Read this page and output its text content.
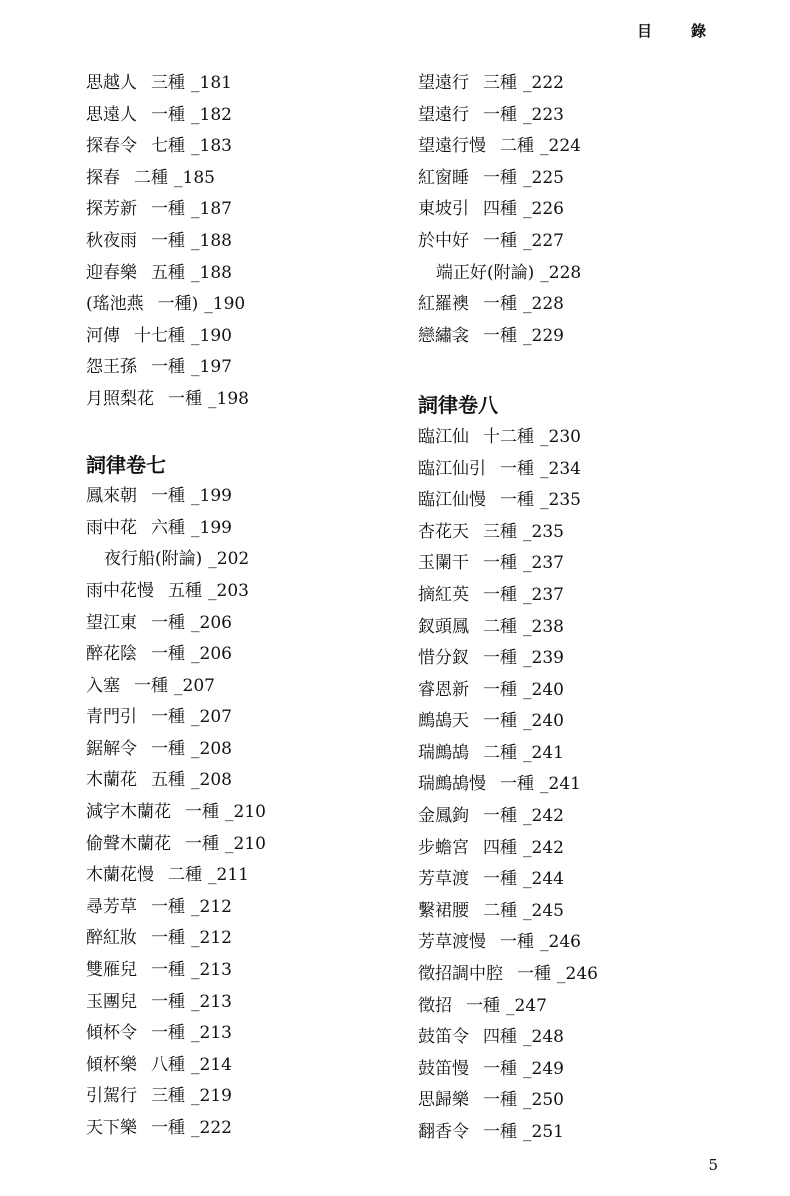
目　錄
思越人 三種 _181
思遠人 一種 _182
探春令 七種 _183
探春 二種 _185
探芳新 一種 _187
秋夜雨 一種 _188
迎春樂 五種 _188
(瑤池燕 一種) _190
河傳 十七種 _190
怨王孫 一種 _197
月照梨花 一種 _198
詞律卷七
鳳來朝 一種 _199
雨中花 六種 _199
夜行船(附論) _202
雨中花慢 五種 _203
望江東 一種 _206
醉花陰 一種 _206
入塞 一種 _207
青門引 一種 _207
鋸解令 一種 _208
木蘭花 五種 _208
減字木蘭花 一種 _210
偷聲木蘭花 一種 _210
木蘭花慢 二種 _211
尋芳草 一種 _212
醉紅妝 一種 _212
雙雁兒 一種 _213
玉團兒 一種 _213
傾杯令 一種 _213
傾杯樂 八種 _214
引駕行 三種 _219
天下樂 一種 _222
望遠行 三種 _222
望遠行 一種 _223
望遠行慢 二種 _224
紅窗睡 一種 _225
東坡引 四種 _226
於中好 一種 _227
端正好(附論) _228
紅羅襖 一種 _228
戀繡衾 一種 _229
詞律卷八
臨江仙 十二種 _230
臨江仙引 一種 _234
臨江仙慢 一種 _235
杏花天 三種 _235
玉闌干 一種 _237
摘紅英 一種 _237
釵頭鳳 二種 _238
惜分釵 一種 _239
睿恩新 一種 _240
鷓鴣天 一種 _240
瑞鷓鴣 二種 _241
瑞鷓鴣慢 一種 _241
金鳳鉤 一種 _242
步蟾宮 四種 _242
芳草渡 一種 _244
繫裙腰 二種 _245
芳草渡慢 一種 _246
徵招調中腔 一種 _246
徵招 一種 _247
鼓笛令 四種 _248
鼓笛慢 一種 _249
思歸樂 一種 _250
翻香令 一種 _251
5
